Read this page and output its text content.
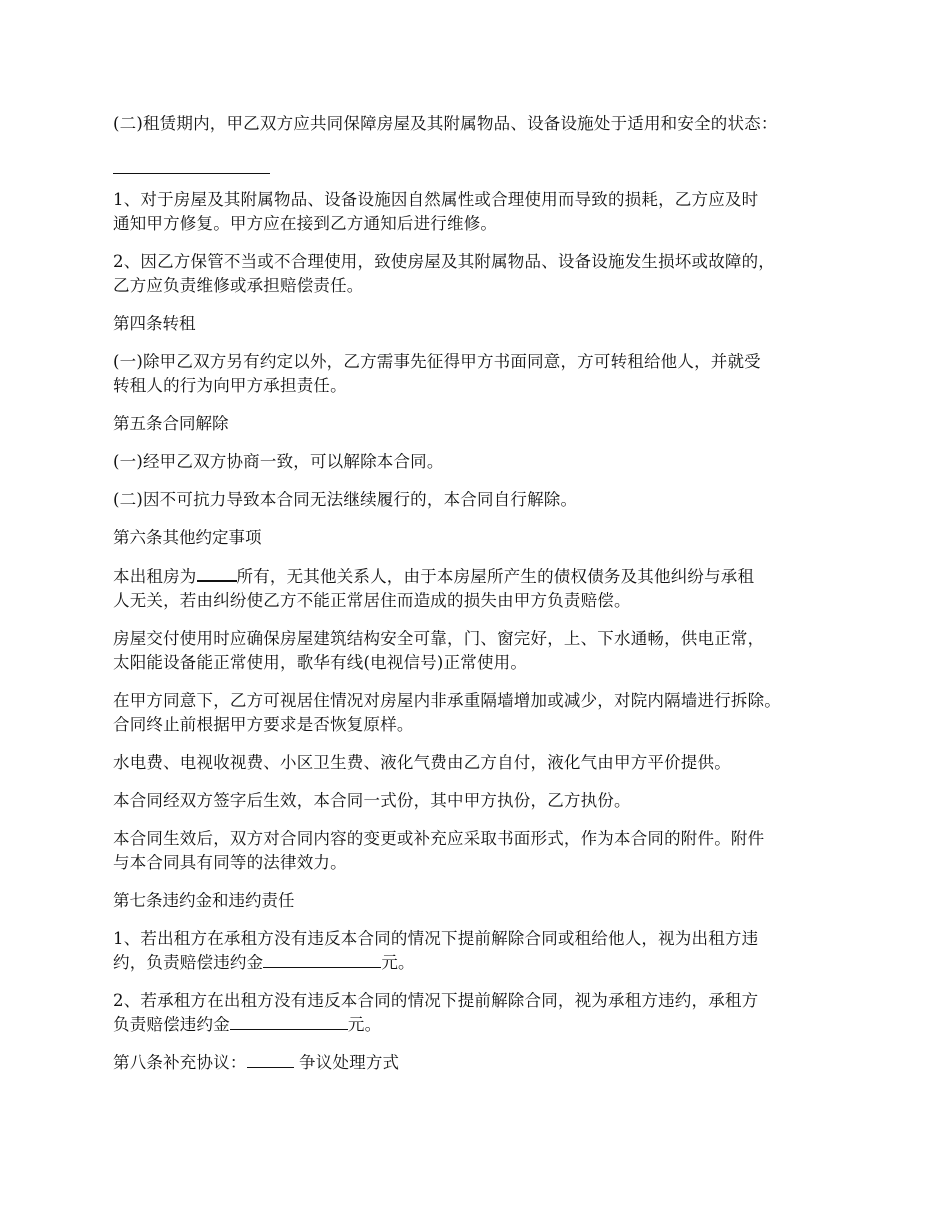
(二)租赁期内，甲乙双方应共同保障房屋及其附属物品、设备设施处于适用和安全的状态：
1、对于房屋及其附属物品、设备设施因自然属性或合理使用而导致的损耗，乙方应及时
通知甲方修复。甲方应在接到乙方通知后进行维修。
2、因乙方保管不当或不合理使用，致使房屋及其附属物品、设备设施发生损坏或故障的，
乙方应负责维修或承担赔偿责任。
第四条转租
(一)除甲乙双方另有约定以外，乙方需事先征得甲方书面同意，方可转租给他人，并就受
转租人的行为向甲方承担责任。
第五条合同解除
(一)经甲乙双方协商一致，可以解除本合同。
(二)因不可抗力导致本合同无法继续履行的，本合同自行解除。
第六条其他约定事项
本出租房为 所有，无其他关系人，由于本房屋所产生的债权债务及其他纠纷与承租
人无关，若由纠纷使乙方不能正常居住而造成的损失由甲方负责赔偿。
房屋交付使用时应确保房屋建筑结构安全可靠，门、窗完好，上、下水通畅，供电正常，
太阳能设备能正常使用，歌华有线(电视信号)正常使用。
在甲方同意下，乙方可视居住情况对房屋内非承重隔墙增加或减少，对院内隔墙进行拆除。
合同终止前根据甲方要求是否恢复原样。
水电费、电视收视费、小区卫生费、液化气费由乙方自付，液化气由甲方平价提供。
本合同经双方签字后生效，本合同一式份，其中甲方执份，乙方执份。
本合同生效后，双方对合同内容的变更或补充应采取书面形式，作为本合同的附件。附件
与本合同具有同等的法律效力。
第七条违约金和违约责任
1、若出租方在承租方没有违反本合同的情况下提前解除合同或租给他人，视为出租方违
约，负责赔偿违约金	元。
2、若承租方在出租方没有违反本合同的情况下提前解除合同，视为承租方违约，承租方
负责赔偿违约金	元。
第八条补充协议：	争议处理方式
